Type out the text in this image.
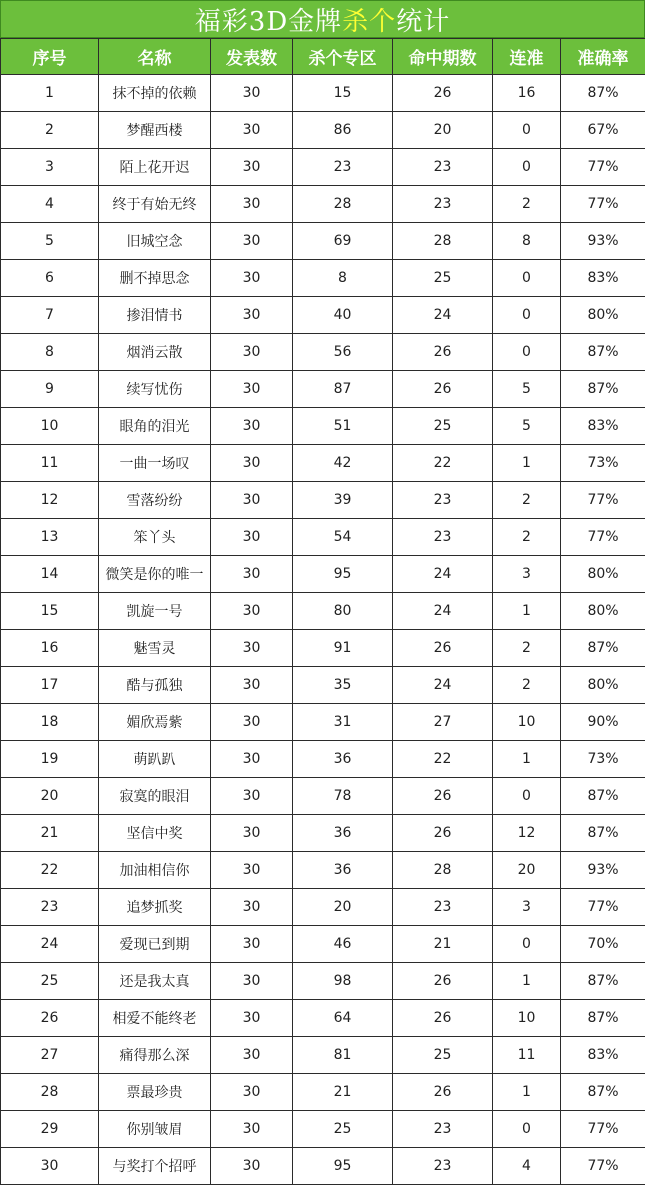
福彩3D金牌 杀个 统计
序号	名称	发表数	杀个专区	命中期数	连准	准确率
1	抹不掉的依赖	30	15	26	16	87%
2	梦醒西楼	30	86	20	0	67%
3	陌上花开迟	30	23	23	0	77%
4	终于有始无终	30	28	23	2	77%
5	旧城空念	30	69	28	8	93%
6	删不掉思念	30	8	25	0	83%
7	掺泪情书	30	40	24	0	80%
8	烟消云散	30	56	26	0	87%
9	续写忧伤	30	87	26	5	87%
10	眼角的泪光	30	51	25	5	83%
11	一曲一场叹	30	42	22	1	73%
12	雪落纷纷	30	39	23	2	77%
13	笨丫头	30	54	23	2	77%
14	微笑是你的唯一	30	95	24	3	80%
15	凯旋一号	30	80	24	1	80%
16	魅雪灵	30	91	26	2	87%
17	酷与孤独	30	35	24	2	80%
18	媚欣焉紫	30	31	27	10	90%
19	萌趴趴	30	36	22	1	73%
20	寂寞的眼泪	30	78	26	0	87%
21	坚信中奖	30	36	26	12	87%
22	加油相信你	30	36	28	20	93%
23	追梦抓奖	30	20	23	3	77%
24	爱现已到期	30	46	21	0	70%
25	还是我太真	30	98	26	1	87%
26	相爱不能终老	30	64	26	10	87%
27	痛得那么深	30	81	25	11	83%
28	票最珍贵	30	21	26	1	87%
29	你别皱眉	30	25	23	0	77%
30	与奖打个招呼	30	95	23	4	77%
